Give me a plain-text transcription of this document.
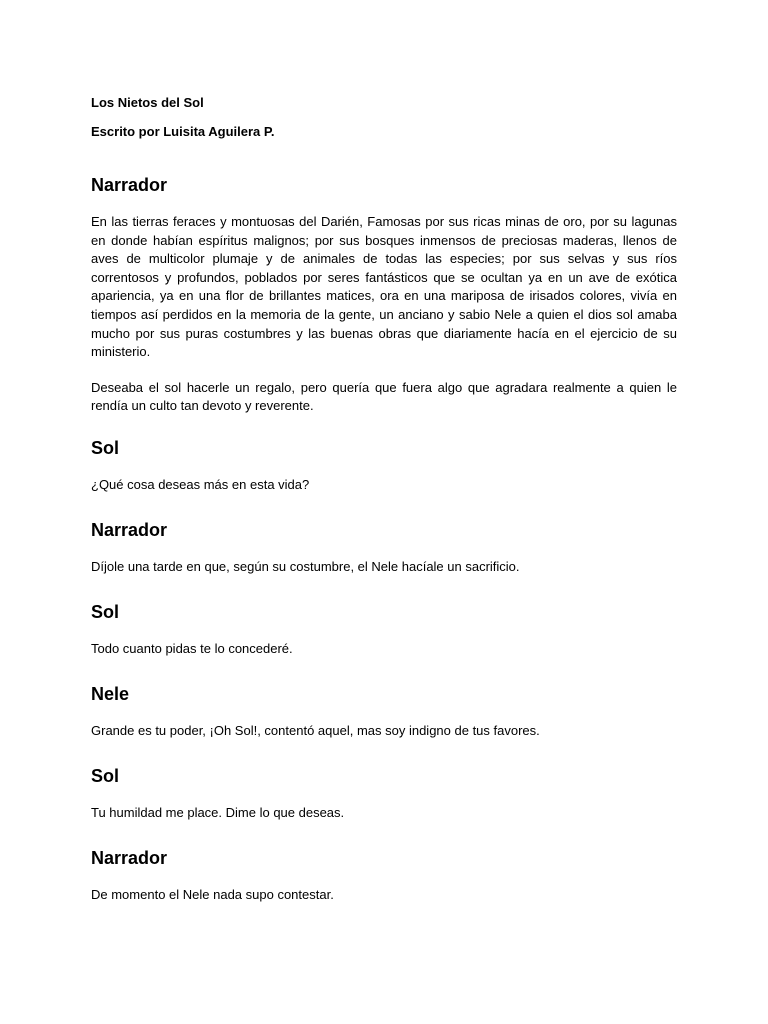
Los Nietos del Sol
Escrito por Luisita Aguilera P.
Narrador
En las tierras feraces y montuosas del Darién, Famosas por sus ricas minas de oro, por su lagunas en donde habían espíritus malignos; por sus bosques inmensos de preciosas maderas, llenos de aves de multicolor plumaje y de animales de todas las especies; por sus selvas y sus ríos correntosos y profundos, poblados por seres fantásticos que se ocultan ya en un ave de exótica apariencia, ya en una flor de brillantes matices, ora en una mariposa de irisados colores, vivía en tiempos así perdidos en la memoria de la gente, un anciano y sabio Nele a quien el dios sol amaba mucho por sus puras costumbres y las buenas obras que diariamente hacía en el ejercicio de su ministerio.
Deseaba el sol hacerle un regalo, pero quería que fuera algo que agradara realmente a quien le rendía un culto tan devoto y reverente.
Sol
¿Qué cosa deseas más en esta vida?
Narrador
Díjole una tarde en que, según su costumbre, el Nele hacíale un sacrificio.
Sol
Todo cuanto pidas te lo concederé.
Nele
Grande es tu poder, ¡Oh Sol!, contentó aquel, mas soy indigno de tus favores.
Sol
Tu humildad me place. Dime lo que deseas.
Narrador
De momento el Nele nada supo contestar.
